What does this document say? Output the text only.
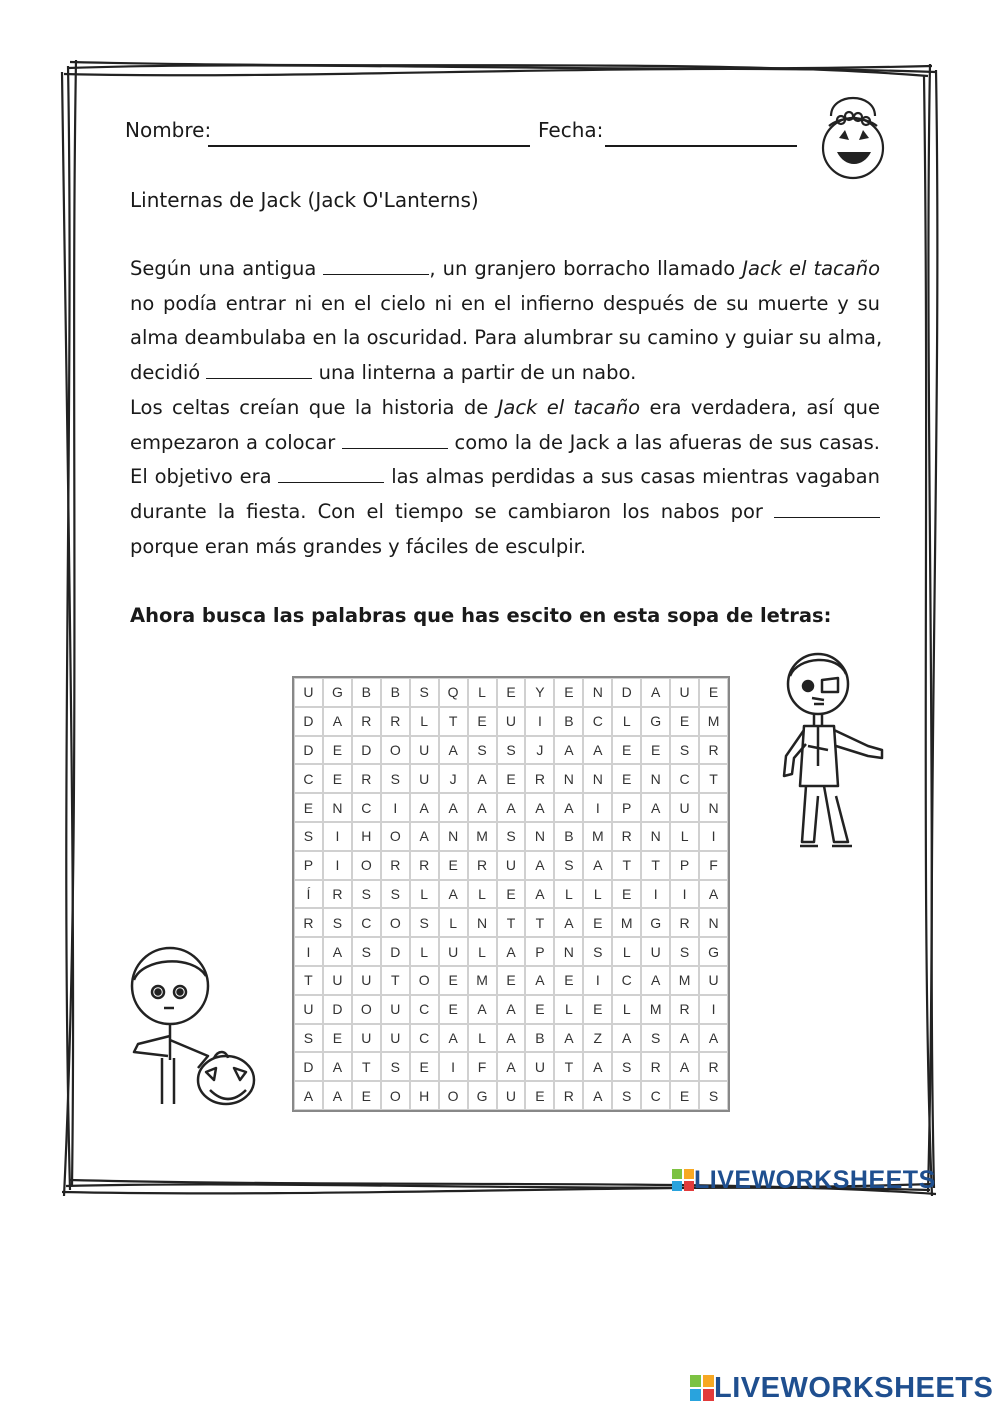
Nombre:	Fecha:
Linternas de Jack (Jack O'Lanterns)
Según una antigua	, un granjero borracho llamado Jack el tacaño
no podía entrar ni en el cielo ni en el infierno después de su muerte y su
alma deambulaba en la oscuridad. Para alumbrar su camino y guiar su alma,
decidió	una linterna a partir de un nabo.
Los celtas creían que la historia de Jack el tacaño era verdadera, así que
empezaron a colocar	como la de Jack a las afueras de sus casas.
El objetivo era	las almas perdidas a sus casas mientras vagaban
durante la fiesta. Con el tiempo se cambiaron los nabos por
porque eran más grandes y fáciles de esculpir.
Ahora busca las palabras que has escito en esta sopa de letras:
U	G	B	B	S	Q	L	E	Y	E	N	D	A	U	E
D	A	R	R	L	T	E	U	I	B	C	L	G	E	M
D	E	D	O	U	A	S	S	J	A	A	E	E	S	R
C	E	R	S	U	J	A	E	R	N	N	E	N	C	T
E	N	C	I	A	A	A	A	A	A	I	P	A	U	N
S	I	H	O	A	N	M	S	N	B	M	R	N	L	I
P	I	O	R	R	E	R	U	A	S	A	T	T	P	F
Í	R	S	S	L	A	L	E	A	L	L	E	I	I	A
R	S	C	O	S	L	N	T	T	A	E	M	G	R	N
I	A	S	D	L	U	L	A	P	N	S	L	U	S	G
T	U	U	T	O	E	M	E	A	E	I	C	A	M	U
U	D	O	U	C	E	A	A	E	L	E	L	M	R	I
S	E	U	U	C	A	L	A	B	A	Z	A	S	A	A
D	A	T	S	E	I	F	A	U	T	A	S	R	A	R
A	A	E	O	H	O	G	U	E	R	A	S	C	E	S
LIVEWORKSHEETS
LIVEWORKSHEETS
